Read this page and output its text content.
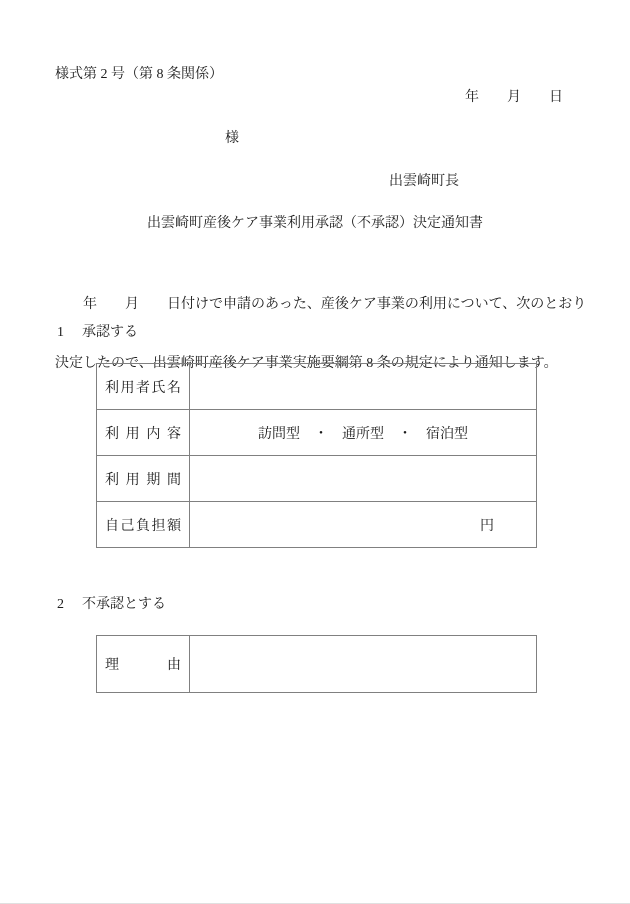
様式第 2 号（第 8 条関係）
年　　月　　日
様
出雲崎町長
出雲崎町産後ケア事業利用承認（不承認）決定通知書

　　年　　月　　日付けで申請のあった、産後ケア事業の利用について、次のとおり

決定したので、出雲崎町産後ケア事業実施要綱第 8 条の規定により通知します。

1 承認する
利用者氏名	
利用内容	訪問型　・　通所型　・　宿泊型
利用期間	
自己負担額	円
2 不承認とする
理由	
